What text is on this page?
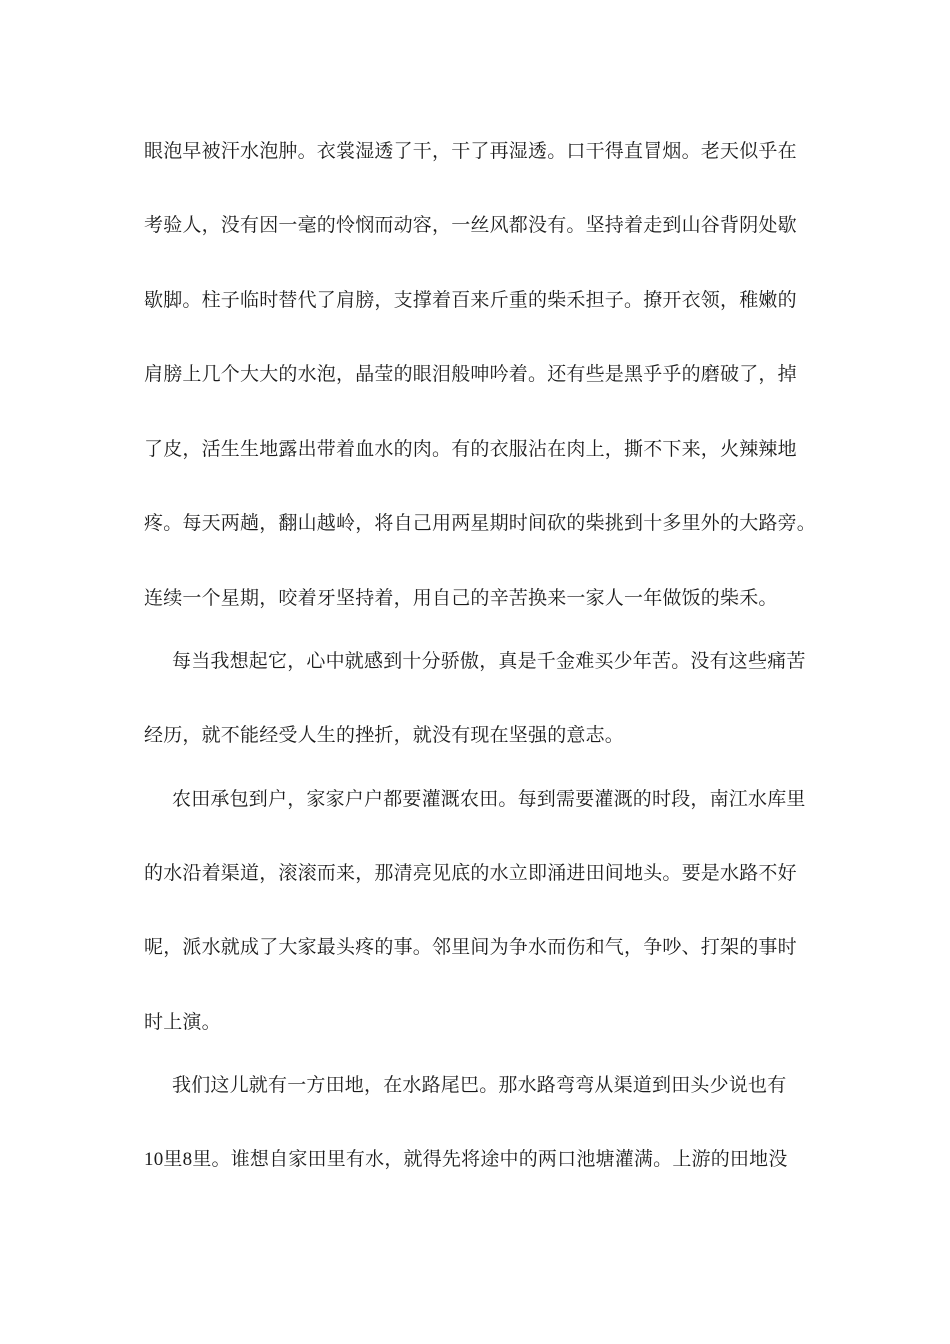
眼泡早被汗水泡肿。衣裳湿透了干，干了再湿透。口干得直冒烟。老天似乎在
考验人，没有因一毫的怜悯而动容，一丝风都没有。坚持着走到山谷背阴处歇
歇脚。柱子临时替代了肩膀，支撑着百来斤重的柴禾担子。撩开衣领，稚嫩的
肩膀上几个大大的水泡，晶莹的眼泪般呻吟着。还有些是黑乎乎的磨破了，掉
了皮，活生生地露出带着血水的肉。有的衣服沾在肉上，撕不下来，火辣辣地
疼。每天两趟，翻山越岭，将自己用两星期时间砍的柴挑到十多里外的大路旁。
连续一个星期，咬着牙坚持着，用自己的辛苦换来一家人一年做饭的柴禾。
每当我想起它，心中就感到十分骄傲，真是千金难买少年苦。没有这些痛苦
经历，就不能经受人生的挫折，就没有现在坚强的意志。
农田承包到户，家家户户都要灌溉农田。每到需要灌溉的时段，南江水库里
的水沿着渠道，滚滚而来，那清亮见底的水立即涌进田间地头。要是水路不好
呢，派水就成了大家最头疼的事。邻里间为争水而伤和气，争吵、打架的事时
时上演。
我们这儿就有一方田地，在水路尾巴。那水路弯弯从渠道到田头少说也有
10里8里。谁想自家田里有水，就得先将途中的两口池塘灌满。上游的田地没
